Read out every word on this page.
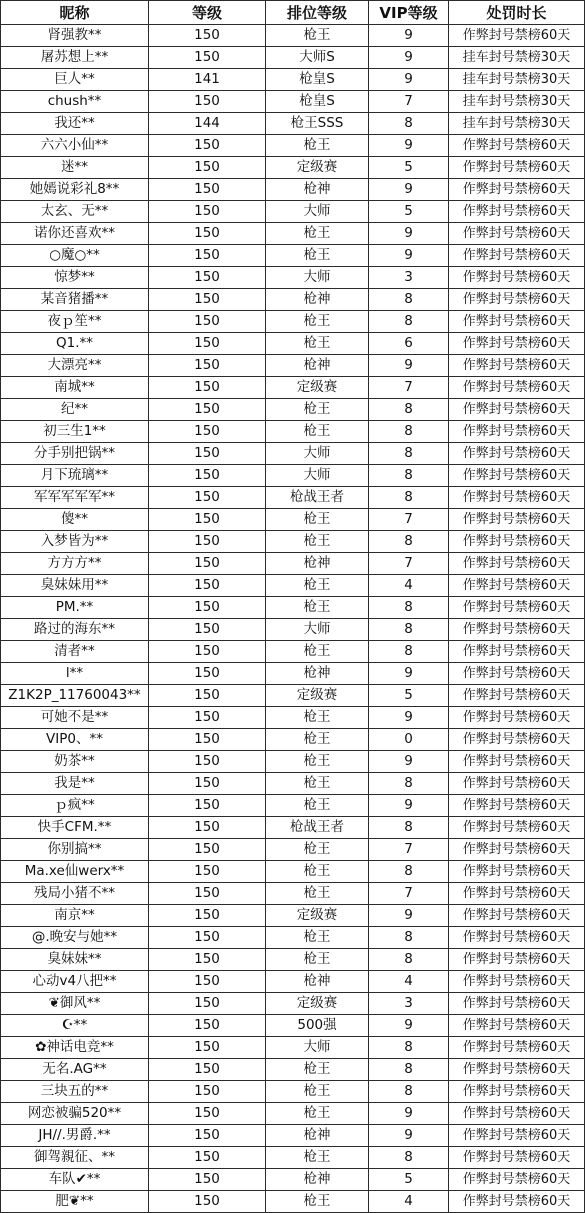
昵称	等级	排位等级	VIP等级	处罚时长
肾强教**	150	枪王	9	作弊封号禁榜60天
屠苏想上**	150	大师S	9	挂车封号禁榜30天
巨人**	141	枪皇S	9	挂车封号禁榜30天
chush**	150	枪皇S	7	挂车封号禁榜30天
我还**	144	枪王SSS	8	挂车封号禁榜30天
六六小仙**	150	枪王	9	作弊封号禁榜60天
迷**	150	定级赛	5	作弊封号禁榜60天
她嫣说彩礼8**	150	枪神	9	作弊封号禁榜60天
太玄、无**	150	大师	5	作弊封号禁榜60天
诺你还喜欢**	150	枪王	9	作弊封号禁榜60天
○魔○**	150	枪王	9	作弊封号禁榜60天
惊梦**	150	大师	3	作弊封号禁榜60天
某音猪播**	150	枪神	8	作弊封号禁榜60天
夜ｐ笙**	150	枪王	8	作弊封号禁榜60天
Q1.**	150	枪王	6	作弊封号禁榜60天
大漂亮**	150	枪神	9	作弊封号禁榜60天
南城**	150	定级赛	7	作弊封号禁榜60天
纪**	150	枪王	8	作弊封号禁榜60天
初三生1**	150	枪王	8	作弊封号禁榜60天
分手别把锅**	150	大师	8	作弊封号禁榜60天
月下琉璃**	150	大师	8	作弊封号禁榜60天
军军军军军**	150	枪战王者	8	作弊封号禁榜60天
傻**	150	枪王	7	作弊封号禁榜60天
入梦皆为**	150	枪王	8	作弊封号禁榜60天
方方方**	150	枪神	7	作弊封号禁榜60天
臭妹妹用**	150	枪王	4	作弊封号禁榜60天
PM.**	150	枪王	8	作弊封号禁榜60天
路过的海东**	150	大师	8	作弊封号禁榜60天
清者**	150	枪王	8	作弊封号禁榜60天
l**	150	枪神	9	作弊封号禁榜60天
Z1K2P_11760043**	150	定级赛	5	作弊封号禁榜60天
可她不是**	150	枪王	9	作弊封号禁榜60天
VIP0、**	150	枪王	0	作弊封号禁榜60天
奶茶**	150	枪王	9	作弊封号禁榜60天
我是**	150	枪王	8	作弊封号禁榜60天
ｐ疯**	150	枪王	9	作弊封号禁榜60天
快手CFM.**	150	枪战王者	8	作弊封号禁榜60天
你别搞**	150	枪王	7	作弊封号禁榜60天
Ma.xe仙werx**	150	枪王	8	作弊封号禁榜60天
残局小猪不**	150	枪王	7	作弊封号禁榜60天
南京**	150	定级赛	9	作弊封号禁榜60天
@.晚安与她**	150	枪王	8	作弊封号禁榜60天
臭妹妹**	150	枪王	8	作弊封号禁榜60天
心动v4八把**	150	枪神	4	作弊封号禁榜60天
❦御风**	150	定级赛	3	作弊封号禁榜60天
☪**	150	500强	9	作弊封号禁榜60天
✿神话电竞**	150	大师	8	作弊封号禁榜60天
无名.AG**	150	枪王	8	作弊封号禁榜60天
三块五的**	150	枪王	8	作弊封号禁榜60天
网恋被骗520**	150	枪王	9	作弊封号禁榜60天
JH//.男爵.**	150	枪神	9	作弊封号禁榜60天
御驾親征、**	150	枪王	8	作弊封号禁榜60天
车队✔**	150	枪神	5	作弊封号禁榜60天
肥❦**	150	枪王	4	作弊封号禁榜60天
